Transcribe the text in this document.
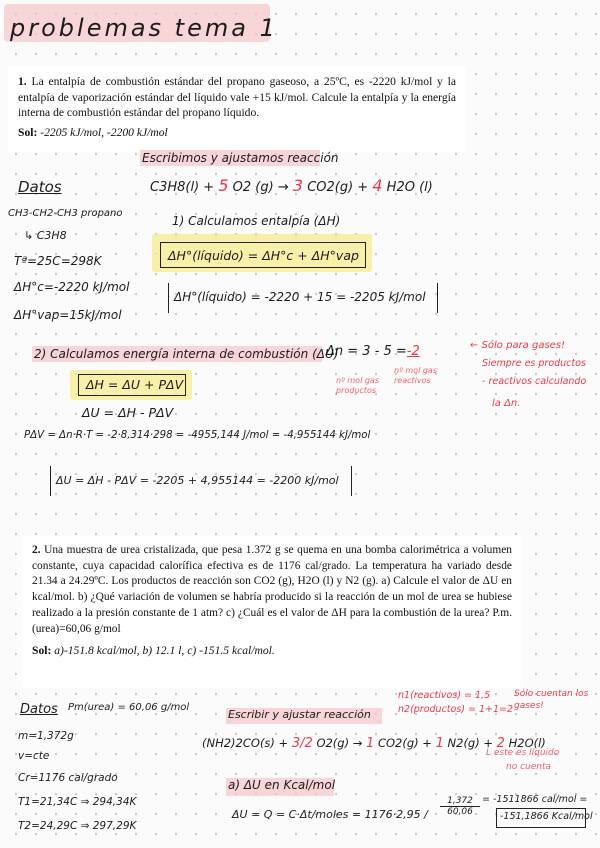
problemas tema 1
1. La entalpía de combustión estándar del propano gaseoso, a 25ºC, es -2220 kJ/mol y la entalpía de vaporización estándar del líquido vale +15 kJ/mol. Calcule la entalpía y la energía interna de combustión estándar del propano líquido.
Sol: -2205 kJ/mol, -2200 kJ/mol
Escribimos y ajustamos reacción
C3H8(l) + 5 O2 (g) → 3 CO2(g) + 4 H2O (l)
Datos
CH3-CH2-CH3 propano
↳ C3H8
Tª=25C=298K
ΔH°c=-2220 kJ/mol
ΔH°vap=15kJ/mol
1) Calculamos entalpía (ΔH)
ΔH°(líquido) = ΔH°c + ΔH°vap
ΔH°(líquido) = -2220 + 15 = -2205 kJ/mol
2) Calculamos energía interna de combustión (ΔU)
Δn = 3 - 5 =-2	← Sólo para gases!
nº mol gas reactivos
nº mol gas productos
Siempre es productos
- reactivos calculando
la Δn.
ΔH = ΔU + PΔV
ΔU = ΔH - PΔV
PΔV = Δn·R·T = -2·8,314·298 = -4955,144 J/mol = -4,955144 kJ/mol
ΔU = ΔH - PΔV = -2205 + 4,955144 = -2200 kJ/mol
2. Una muestra de urea cristalizada, que pesa 1.372 g se quema en una bomba calorimétrica a volumen constante, cuya capacidad calorífica efectiva es de 1176 cal/grado. La temperatura ha variado desde 21.34 a 24.29ºC. Los productos de reacción son CO2 (g), H2O (l) y N2 (g). a) Calcule el valor de ΔU en kcal/mol. b) ¿Qué variación de volumen se habría producido si la reacción de un mol de urea se hubiese realizado a la presión constante de 1 atm? c) ¿Cuál es el valor de ΔH para la combustión de la urea? P.m.(urea)=60,06 g/mol
Sol: a)-151.8 kcal/mol, b) 12.1 l, c) -151.5 kcal/mol.
Datos Pm(urea) = 60,06 g/mol
m=1,372g
v=cte
Cr=1176 cal/grado
T1=21,34C ⇒ 294,34K
T2=24,29C ⇒ 297,29K
Escribir y ajustar reacción
n1(reactivos) = 1,5
n2(productos) = 1+1=2
Sólo cuentan los gases!
(NH2)2CO(s) + 3/2 O2(g) → 1 CO2(g) + 1 N2(g) + 2 H2O(l)
L este es líquido
no cuenta
a) ΔU en Kcal/mol
ΔU = Q = C·Δt/moles = $1176\cdot 2,95 / \frac{1,372}{60,06} = -1511866$ cal/mol =
-151,1866 Kcal/mol
